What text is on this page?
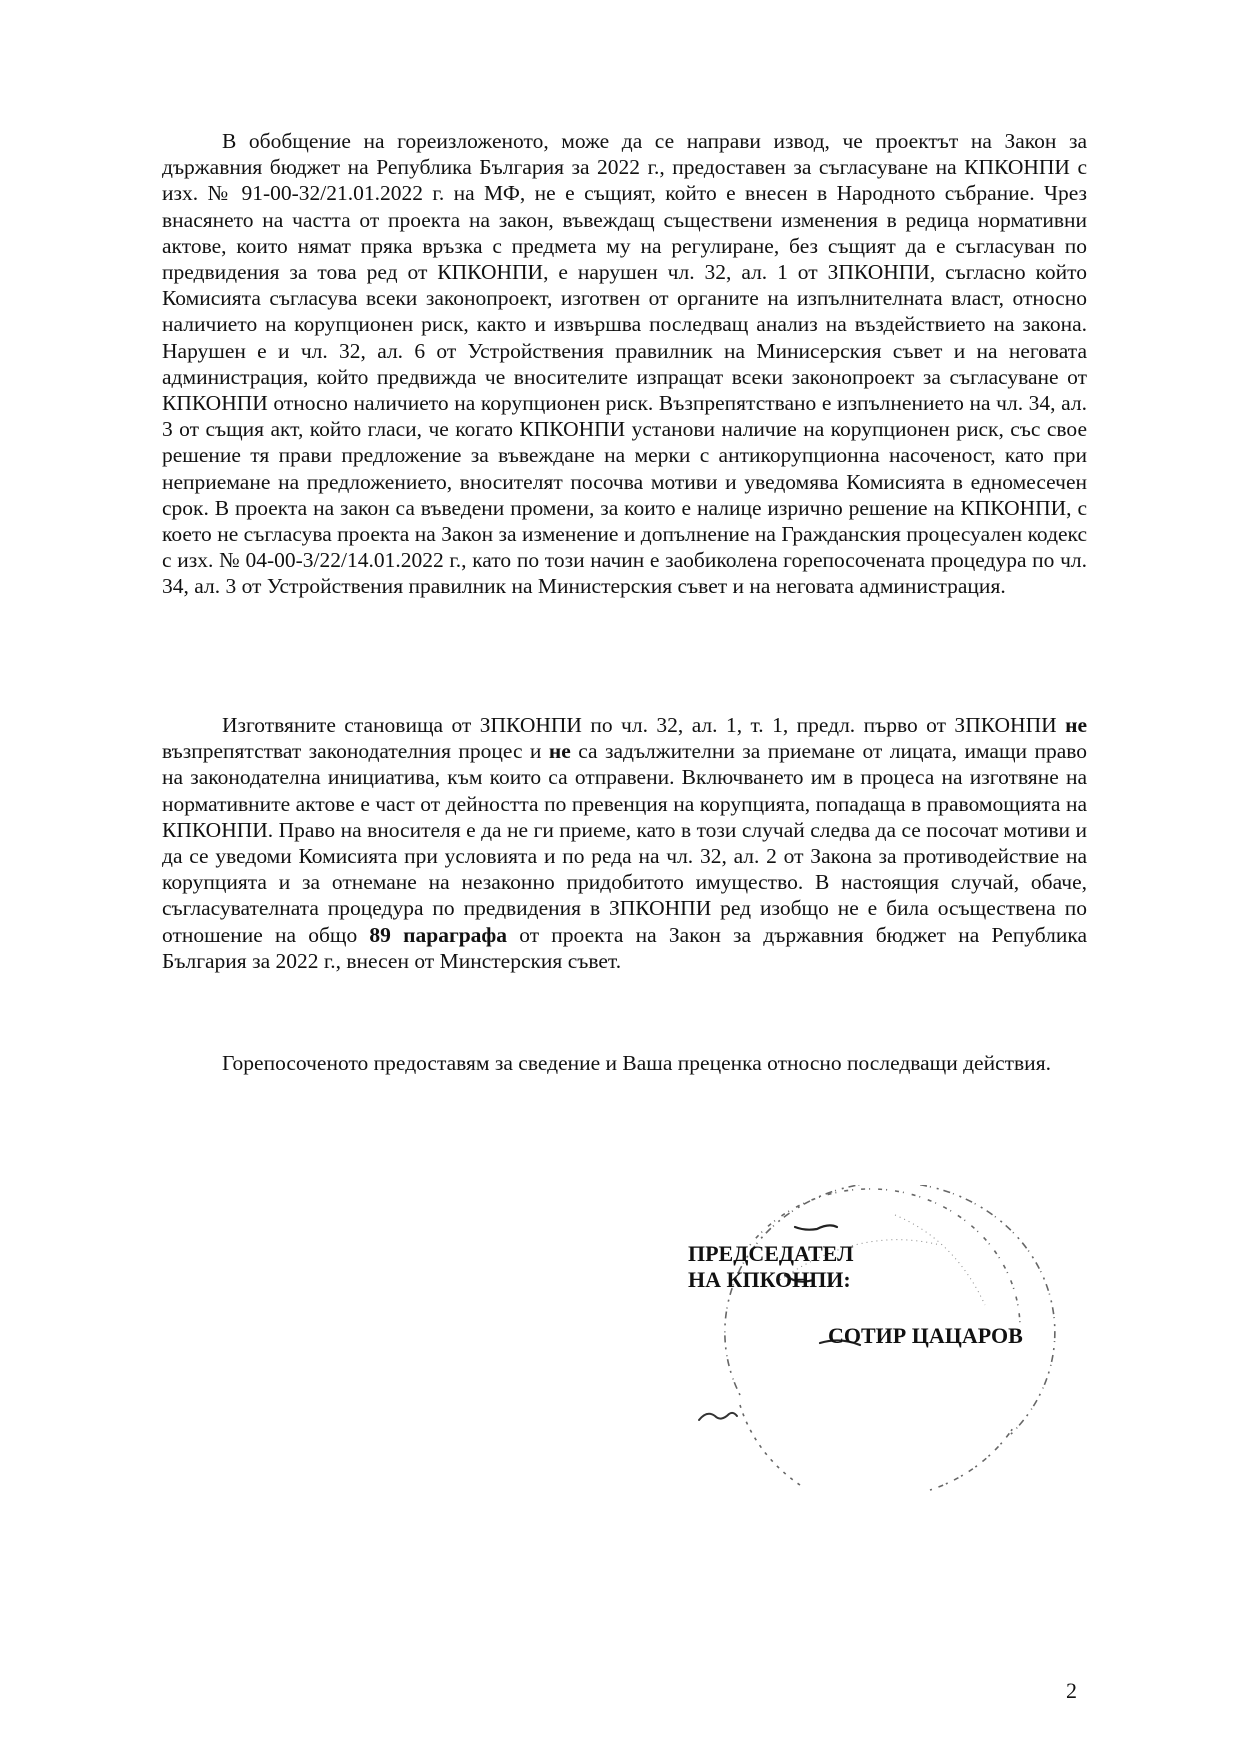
В обобщение на гореизложеното, може да се направи извод, че проектът на Закон за държавния бюджет на Република България за 2022 г., предоставен за съгласуване на КПКОНПИ с изх. № 91-00-32/21.01.2022 г. на МФ, не е същият, който е внесен в Народното събрание. Чрез внасянето на частта от проекта на закон, въвеждащ съществени изменения в редица нормативни актове, които нямат пряка връзка с предмета му на регулиране, без същият да е съгласуван по предвидения за това ред от КПКОНПИ, е нарушен чл. 32, ал. 1 от ЗПКОНПИ, съгласно който Комисията съгласува всеки законопроект, изготвен от органите на изпълнителната власт, относно наличието на корупционен риск, както и извършва последващ анализ на въздействието на закона. Нарушен е и чл. 32, ал. 6 от Устройствения правилник на Минисерския съвет и на неговата администрация, който предвижда че вносителите изпращат всеки законопроект за съгласуване от КПКОНПИ относно наличието на корупционен риск. Възпрепятствано е изпълнението на чл. 34, ал. 3 от същия акт, който гласи, че когато КПКОНПИ установи наличие на корупционен риск, със свое решение тя прави предложение за въвеждане на мерки с антикорупционна насоченост, като при неприемане на предложението, вносителят посочва мотиви и уведомява Комисията в едномесечен срок. В проекта на закон са въведени промени, за които е налице изрично решение на КПКОНПИ, с което не съгласува проекта на Закон за изменение и допълнение на Гражданския процесуален кодекс с изх. № 04-00-3/22/14.01.2022 г., като по този начин е заобиколена горепосочената процедура по чл. 34, ал. 3 от Устройствения правилник на Министерския съвет и на неговата администрация.

Изготвяните становища от ЗПКОНПИ по чл. 32, ал. 1, т. 1, предл. първо от ЗПКОНПИ не възпрепятстват законодателния процес и не са задължителни за приемане от лицата, имащи право на законодателна инициатива, към които са отправени. Включването им в процеса на изготвяне на нормативните актове е част от дейността по превенция на корупцията, попадаща в правомощията на КПКОНПИ. Право на вносителя е да не ги приеме, като в този случай следва да се посочат мотиви и да се уведоми Комисията при условията и по реда на чл. 32, ал. 2 от Закона за противодействие на корупцията и за отнемане на незаконно придобитото имущество. В настоящия случай, обаче, съгласувателната процедура по предвидения в ЗПКОНПИ ред изобщо не е била осъществена по отношение на общо 89 параграфа от проекта на Закон за държавния бюджет на Република България за 2022 г., внесен от Минстерския съвет.

Горепосоченото предоставям за сведение и Ваша преценка относно последващи действия.

ПРЕДСЕДАТЕЛ
НА КПКОНПИ:
СОТИР ЦАЦАРОВ
2
